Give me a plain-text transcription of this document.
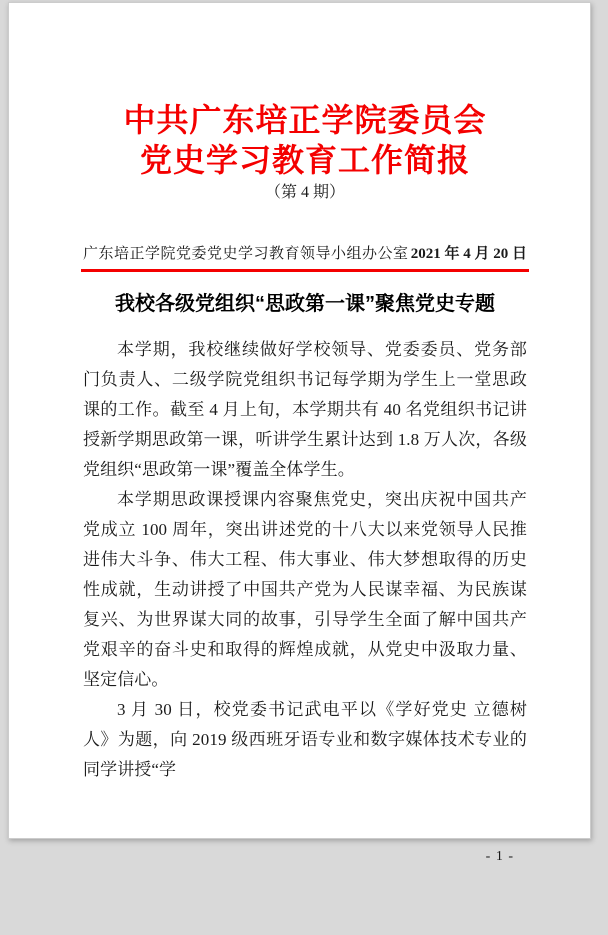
中共广东培正学院委员会
党史学习教育工作简报
（第 4 期）
广东培正学院党委党史学习教育领导小组办公室 2021 年 4 月 20 日
我校各级党组织“思政第一课”聚焦党史专题

本学期，我校继续做好学校领导、党委委员、党务部门负责人、二级学院党组织书记每学期为学生上一堂思政课的工作。截至 4 月上旬，本学期共有 40 名党组织书记讲授新学期思政第一课，听讲学生累计达到 1.8 万人次，各级党组织“思政第一课”覆盖全体学生。

本学期思政课授课内容聚焦党史，突出庆祝中国共产党成立 100 周年，突出讲述党的十八大以来党领导人民推进伟大斗争、伟大工程、伟大事业、伟大梦想取得的历史性成就，生动讲授了中国共产党为人民谋幸福、为民族谋复兴、为世界谋大同的故事，引导学生全面了解中国共产党艰辛的奋斗史和取得的辉煌成就，从党史中汲取力量、坚定信心。

3 月 30 日，校党委书记武电平以《学好党史 立德树人》为题，向 2019 级西班牙语专业和数字媒体技术专业的同学讲授“学

- 1 -
